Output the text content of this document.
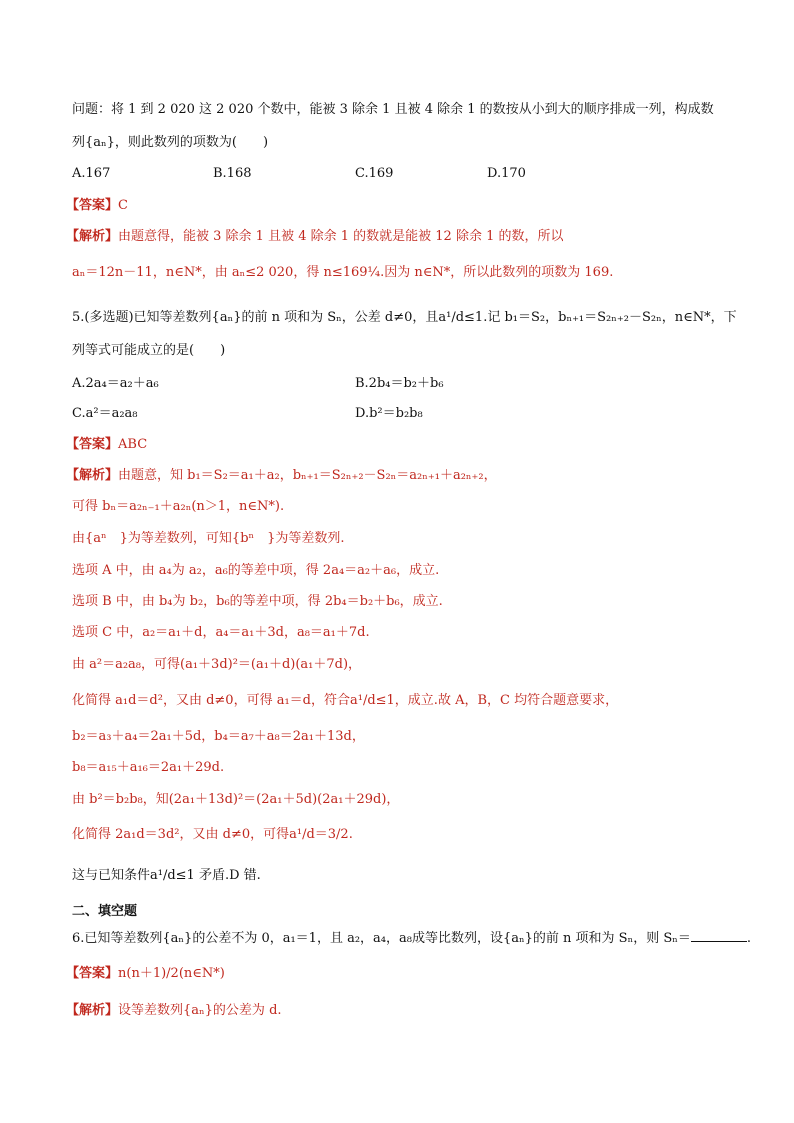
问题：将 1 到 2 020 这 2 020 个数中，能被 3 除余 1 且被 4 除余 1 的数按从小到大的顺序排成一列，构成数
列{aₙ}，则此数列的项数为(　　)
A.167	B.168	C.169	D.170
【答案】C
【解析】由题意得，能被 3 除余 1 且被 4 除余 1 的数就是能被 12 除余 1 的数，所以
aₙ＝12n－11，n∈N*，由 aₙ≤2 020，得 n≤169¼.因为 n∈N*，所以此数列的项数为 169.
5.(多选题)已知等差数列{aₙ}的前 n 项和为 Sₙ，公差 d≠0，且a¹/d≤1.记 b₁＝S₂，bₙ₊₁＝S₂ₙ₊₂－S₂ₙ，n∈N*，下
列等式可能成立的是(　　)
A.2a₄＝a₂＋a₆	B.2b₄＝b₂＋b₆
C.a²＝a₂a₈	D.b²＝b₂b₈
【答案】ABC
【解析】由题意，知 b₁＝S₂＝a₁＋a₂，bₙ₊₁＝S₂ₙ₊₂－S₂ₙ＝a₂ₙ₊₁＋a₂ₙ₊₂，
可得 bₙ＝a₂ₙ₋₁＋a₂ₙ(n＞1，n∈N*).
由{aⁿ　}为等差数列，可知{bⁿ　}为等差数列.
选项 A 中，由 a₄为 a₂，a₆的等差中项，得 2a₄＝a₂＋a₆，成立.
选项 B 中，由 b₄为 b₂，b₆的等差中项，得 2b₄＝b₂＋b₆，成立.
选项 C 中，a₂＝a₁＋d，a₄＝a₁＋3d，a₈＝a₁＋7d.
由 a²＝a₂a₈，可得(a₁＋3d)²＝(a₁＋d)(a₁＋7d)，
化简得 a₁d＝d²，又由 d≠0，可得 a₁＝d，符合a¹/d≤1，成立.故 A，B，C 均符合题意要求，
b₂＝a₃＋a₄＝2a₁＋5d，b₄＝a₇＋a₈＝2a₁＋13d，
b₈＝a₁₅＋a₁₆＝2a₁＋29d.
由 b²＝b₂b₈，知(2a₁＋13d)²＝(2a₁＋5d)(2a₁＋29d)，
化简得 2a₁d＝3d²，又由 d≠0，可得a¹/d＝3/2.
这与已知条件a¹/d≤1 矛盾.D 错.
二、填空题
6.已知等差数列{aₙ}的公差不为 0，a₁＝1，且 a₂，a₄，a₈成等比数列，设{aₙ}的前 n 项和为 Sₙ，则 Sₙ＝	.
【答案】n(n＋1)/2(n∈N*)
【解析】设等差数列{aₙ}的公差为 d.
